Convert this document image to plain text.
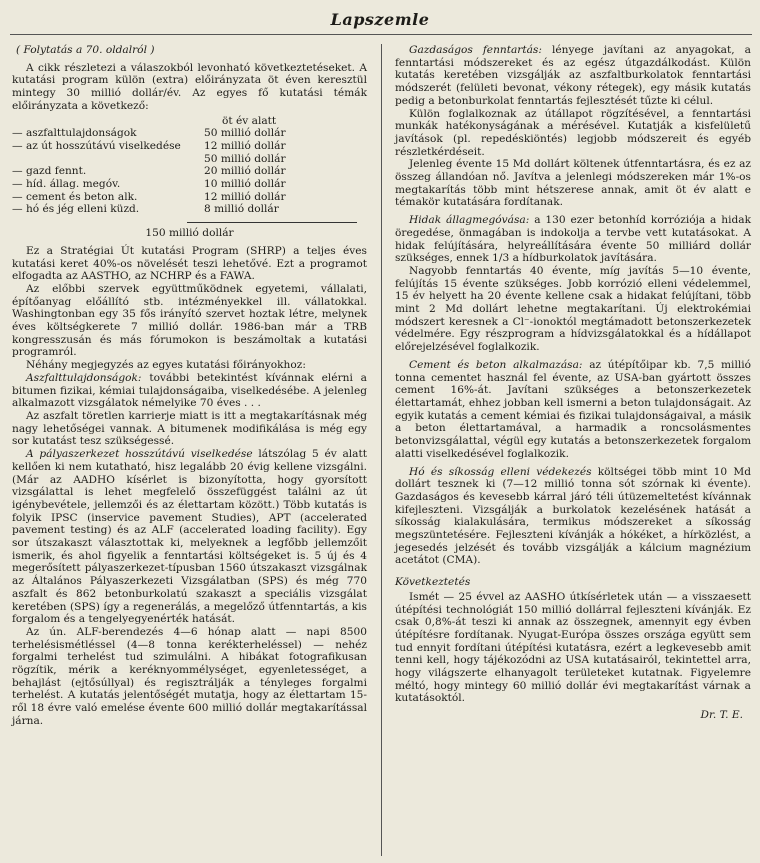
Lapszemle

( Folytatás a 70. oldalról )

A cikk részletezi a válaszokból levonható következtetéseket. A kutatási program külön (extra) előirányzata öt éven keresztül mintegy 30 millió dollár/év. Az egyes fő kutatási témák előirányzata a következő:

öt év alatt
— aszfalttulajdonságok	50 millió dollár
— az út hosszútávú viselkedése	12 millió dollár
50 millió dollár
— gazd fennt.	20 millió dollár
— híd. állag. megóv.	10 millió dollár
— cement és beton alk.	12 millió dollár
— hó és jég elleni küzd.	8 millió dollár
150 millió dollár

Ez a Stratégiai Út kutatási Program (SHRP) a teljes éves kutatási keret 40%-os növelését teszi lehetővé. Ezt a programot elfogadta az AASTHO, az NCHRP és a FAWA.

Az előbbi szervek együttműködnek egyetemi, vállalati, építőanyag előállító stb. intézményekkel ill. vállatokkal. Washingtonban egy 35 fős irányító szervet hoztak létre, melynek éves költségkerete 7 millió dollár. 1986-ban már a TRB kongresszusán és más fórumokon is beszámoltak a kutatási programról.

Néhány megjegyzés az egyes kutatási főirányokhoz:

Aszfalttulajdonságok: további betekintést kívánnak elérni a bitumen fizikai, kémiai tulajdonságaiba, viselkedésébe. A jelenleg alkalmazott vizsgálatok némelyike 70 éves . . .

Az aszfalt töretlen karrierje miatt is itt a megtakarításnak még nagy lehetőségei vannak. A bitumenek modifikálása is még egy sor kutatást tesz szükségessé.

A pályaszerkezet hosszútávú viselkedése látszólag 5 év alatt kellően ki nem kutatható, hisz legalább 20 évig kellene vizsgálni. (Már az AADHO kísérlet is bizonyította, hogy gyorsított vizsgálattal is lehet megfelelő összefüggést találni az út igénybevétele, jellemzői és az élettartam között.) Több kutatás is folyik IPSC (inservice pavement Studies), APT (accelerated pavement testing) és az ALF (accelerated loading facility). Egy sor útszakaszt választottak ki, melyeknek a legfőbb jellemzőit ismerik, és ahol figyelik a fenntartási költségeket is. 5 új és 4 megerősített pályaszerkezet-típusban 1560 útszakaszt vizsgálnak az Általános Pályaszerkezeti Vizsgálatban (SPS) és még 770 aszfalt és 862 betonburkolatú szakaszt a speciális vizsgálat keretében (SPS) így a regenerálás, a megelőző útfenntartás, a kis forgalom és a tengelyegyenérték hatását.

Az ún. ALF-berendezés 4—6 hónap alatt — napi 8500 terhelésismétléssel (4—8 tonna kerékterheléssel) — nehéz forgalmi terhelést tud szimulálni. A hibákat fotografikusan rögzítik, mérik a keréknyommélységet, egyenletességet, a behajlást (ejtősúllyal) és regisztrálják a tényleges forgalmi terhelést. A kutatás jelentőségét mutatja, hogy az élettartam 15-ről 18 évre való emelése évente 600 millió dollár megtakarítással járna.

Gazdaságos fenntartás: lényege javítani az anyagokat, a fenntartási módszereket és az egész útgazdálkodást. Külön kutatás keretében vizsgálják az aszfaltburkolatok fenntartási módszerét (felületi bevonat, vékony rétegek), egy másik kutatás pedig a betonburkolat fenntartás fejlesztését tűzte ki célul.

Külön foglalkoznak az útállapot rögzítésével, a fenntartási munkák hatékonyságának a mérésével. Kutatják a kisfelületű javítások (pl. repedéskiöntés) legjobb módszereit és egyéb részletkérdéseit.

Jelenleg évente 15 Md dollárt költenek útfenntartásra, és ez az összeg állandóan nő. Javítva a jelenlegi módszereken már 1%-os megtakarítás több mint hétszerese annak, amit öt év alatt e témakör kutatására fordítanak.

Hidak állagmegóvása: a 130 ezer betonhíd korróziója a hidak öregedése, önmagában is indokolja a tervbe vett kutatásokat. A hidak felújítására, helyreállítására évente 50 milliárd dollár szükséges, ennek 1/3 a hídburkolatok javítására.

Nagyobb fenntartás 40 évente, míg javítás 5—10 évente, felújítás 15 évente szükséges. Jobb korrózió elleni védelemmel, 15 év helyett ha 20 évente kellene csak a hidakat felújítani, több mint 2 Md dollárt lehetne megtakarítani. Új elektrokémiai módszert keresnek a Cl⁻-ionoktól megtámadott betonszerkezetek védelmére. Egy részprogram a hídvizsgálatokkal és a hídállapot előrejelzésével foglalkozik.

Cement és beton alkalmazása: az útépítőipar kb. 7,5 millió tonna cementet használ fel évente, az USA-ban gyártott összes cement 16%-át. Javítani szükséges a betonszerkezetek élettartamát, ehhez jobban kell ismerni a beton tulajdonságait. Az egyik kutatás a cement kémiai és fizikai tulajdonságaival, a másik a beton élettartamával, a harmadik a roncsolásmentes betonvizsgálattal, végül egy kutatás a betonszerkezetek forgalom alatti viselkedésével foglalkozik.

Hó és síkosság elleni védekezés költségei több mint 10 Md dollárt tesznek ki (7—12 millió tonna sót szórnak ki évente). Gazdaságos és kevesebb kárral járó téli útüzemeltetést kívánnak kifejleszteni. Vizsgálják a burkolatok kezelésének hatását a síkosság kialakulására, termikus módszereket a síkosság megszüntetésére. Fejleszteni kívánják a hókéket, a hírközlést, a jegesedés jelzését és tovább vizsgálják a kálcium magnézium acetátot (CMA).

Következtetés

Ismét — 25 évvel az AASHO útkísérletek után — a visszaesett útépítési technológiát 150 millió dollárral fejleszteni kívánják. Ez csak 0,8%-át teszi ki annak az összegnek, amennyit egy évben útépítésre fordítanak. Nyugat-Európa összes országa együtt sem tud ennyit fordítani útépítési kutatásra, ezért a legkevesebb amit tenni kell, hogy tájékozódni az USA kutatásairól, tekintettel arra, hogy világszerte elhanyagolt területeket kutatnak. Figyelemre méltó, hogy mintegy 60 millió dollár évi megtakarítást várnak a kutatásoktól.

Dr. T. E.
